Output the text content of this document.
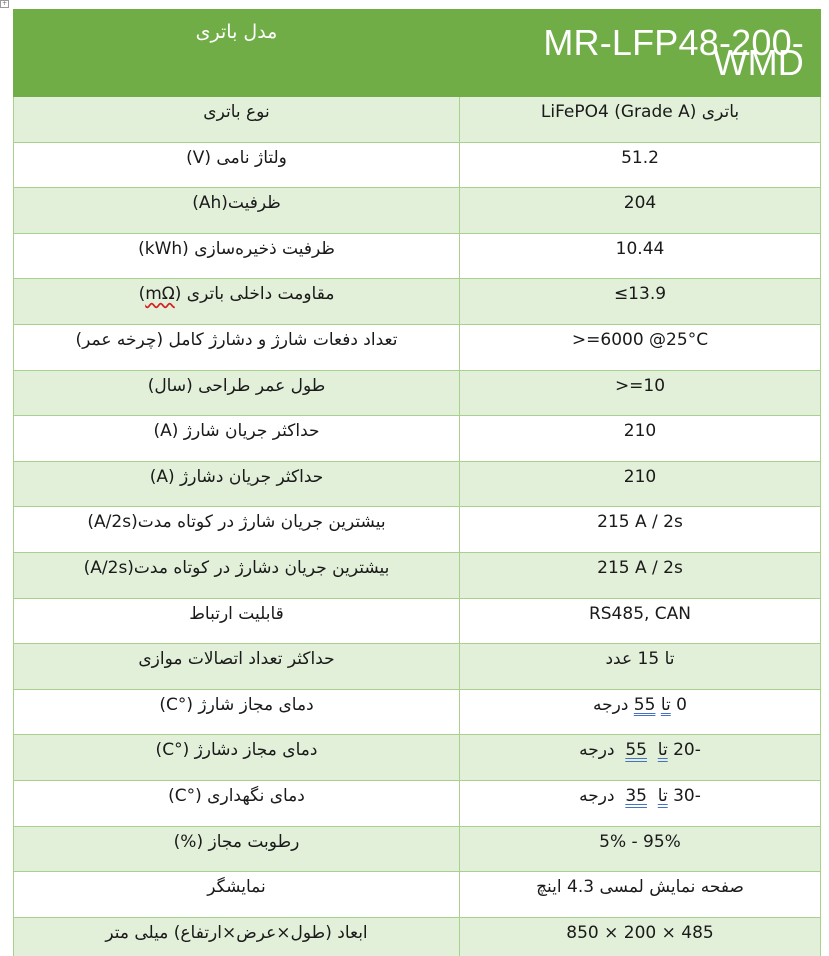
+
مدل باتری	MR-LFP48-200-WMD
نوع باتری	باتری LiFePO4 (Grade A)
ولتاژ نامی (V)	51.2
ظرفیت(Ah)	204
ظرفیت ذخیره‌سازی (kWh)	10.44
مقاومت داخلی باتری (mΩ)	≤13.9
تعداد دفعات شارژ و دشارژ کامل (چرخه عمر)	>=6000 @25°C
طول عمر طراحی (سال)	>=10
حداکثر جریان شارژ (A)	210
حداکثر جریان دشارژ (A)	210
بیشترین جریان شارژ در کوتاه مدت(A/2s)	215 A / 2s
بیشترین جریان دشارژ در کوتاه مدت(A/2s)	215 A / 2s
قابلیت ارتباط	RS485, CAN
حداکثر تعداد اتصالات موازی	تا 15 عدد
دمای مجاز شارژ (°C)	0 تا 55 درجه
دمای مجاز دشارژ (°C)	-20 تا  55  درجه
دمای نگهداری (°C)	-30 تا  35  درجه
رطوبت مجاز (%)	5% - 95%
نمایشگر	صفحه نمایش لمسی 4.3 اینچ
ابعاد (طول×عرض×ارتفاع) میلی متر	850 × 200 × 485
